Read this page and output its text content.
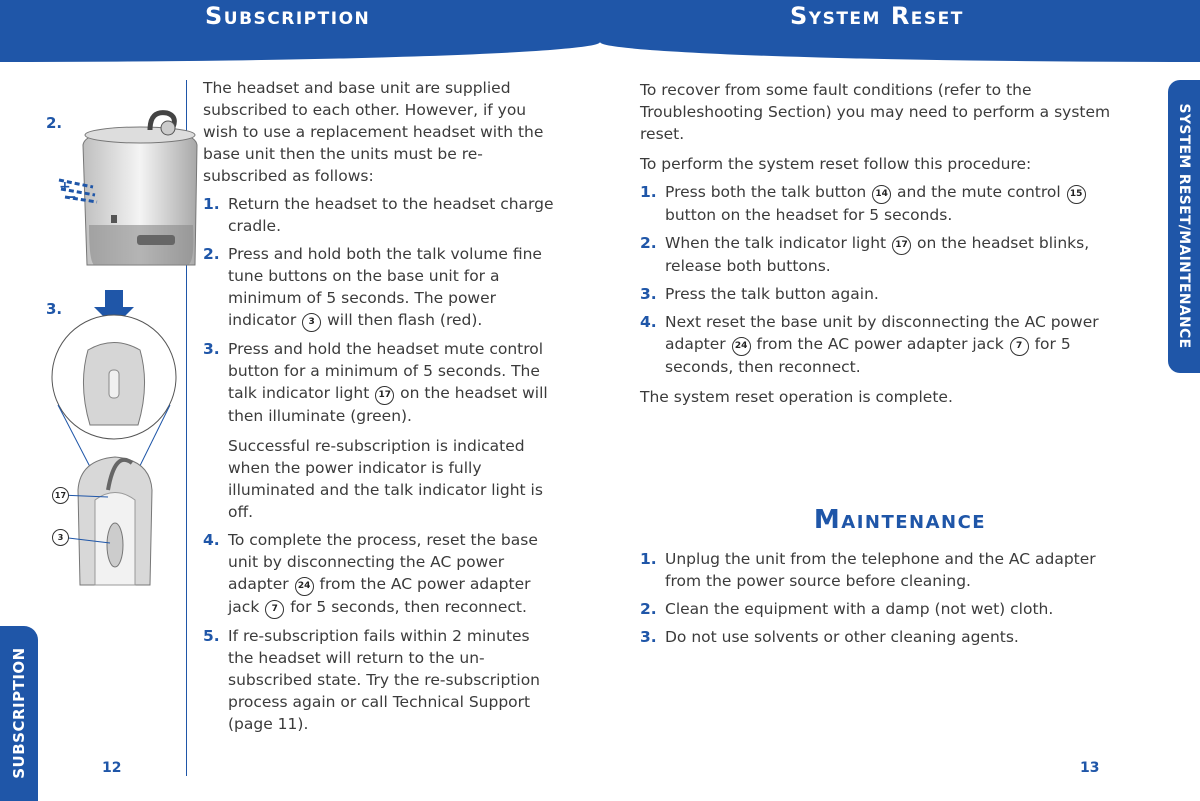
Subscription	System Reset
SUBSCRIPTION
SYSTEM RESET/MAINTENANCE
2.
+
–
3.
17
3

The headset and base unit are supplied subscribed to each other. However, if you wish to use a replacement headset with the base unit then the units must be re-subscribed as follows:

1. Return the headset to the headset charge cradle.
2. Press and hold both the talk volume fine tune buttons on the base unit for a minimum of 5 seconds. The power indicator 3 will then flash (red).
3. Press and hold the headset mute control button for a minimum of 5 seconds. The talk indicator light 17 on the headset will then illuminate (green).

Successful re-subscription is indicated when the power indicator is fully illuminated and the talk indicator light is off.

4. To complete the process, reset the base unit by disconnecting the AC power adapter 24 from the AC power adapter jack 7 for 5 seconds, then reconnect.
5. If re-subscription fails within 2 minutes the headset will return to the un-subscribed state. Try the re-subscription process again or call Technical Support (page 11).

To recover from some fault conditions (refer to the Troubleshooting Section) you may need to perform a system reset.

To perform the system reset follow this procedure:

1. Press both the talk button 14 and the mute control 15 button on the headset for 5 seconds.
2. When the talk indicator light 17 on the headset blinks, release both buttons.
3. Press the talk button again.
4. Next reset the base unit by disconnecting the AC power adapter 24 from the AC power adapter jack 7 for 5 seconds, then reconnect.

The system reset operation is complete.

Maintenance
1. Unplug the unit from the telephone and the AC adapter from the power source before cleaning.
2. Clean the equipment with a damp (not wet) cloth.
3. Do not use solvents or other cleaning agents.
12	13
